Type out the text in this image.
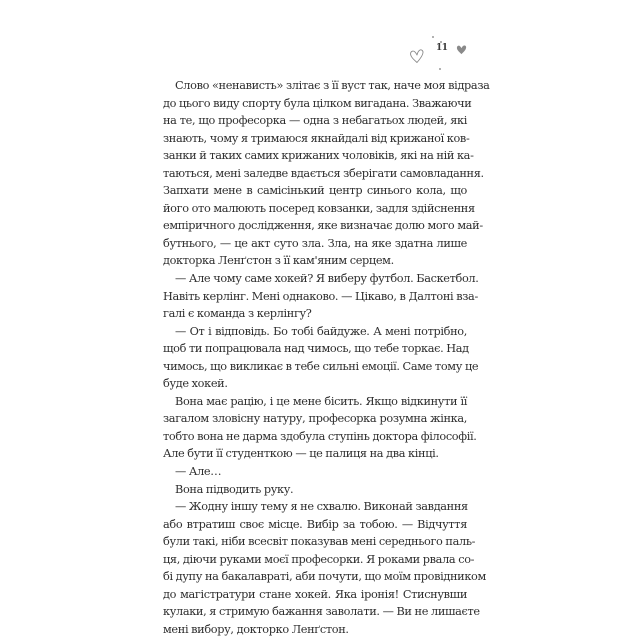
11
Слово «ненависть» злітає з її вуст так, наче моя відраза
до цього виду спорту була цілком вигадана. Зважаючи
на те, що професорка — одна з небагатьох людей, які
знають, чому я тримаюся якнайдалі від крижаної ков-
занки й таких самих крижаних чоловіків, які на ній ка-
таються, мені заледве вдається зберігати самовладання.
Запхати мене в самісінький центр синього кола, що
його ото малюють посеред ковзанки, задля здійснення
емпіричного дослідження, яке визначає долю мого май-
бутнього, — це акт суто зла. Зла, на яке здатна лише
докторка Ленґстон з її кам'яним серцем.
— Але чому саме хокей? Я виберу футбол. Баскетбол.
Навіть керлінг. Мені однаково. — Цікаво, в Далтоні вза-
галі є команда з керлінгу?
— От і відповідь. Бо тобі байдуже. А мені потрібно,
щоб ти попрацювала над чимось, що тебе торкає. Над
чимось, що викликає в тебе сильні емоції. Саме тому це
буде хокей.
Вона має рацію, і це мене бісить. Якщо відкинути її
загалом зловісну натуру, професорка розумна жінка,
тобто вона не дарма здобула ступінь доктора філософії.
Але бути її студенткою — це палиця на два кінці.
— Але…
Вона підводить руку.
— Жодну іншу тему я не схвалю. Виконай завдання
або втратиш своє місце. Вибір за тобою. — Відчуття
були такі, ніби всесвіт показував мені середнього паль-
ця, діючи руками моєї професорки. Я роками рвала со-
бі дупу на бакалавраті, аби почути, що моїм провідником
до магістратури стане хокей. Яка іронія! Стиснувши
кулаки, я стримую бажання заволати. — Ви не лишаєте
мені вибору, докторко Ленґстон.
